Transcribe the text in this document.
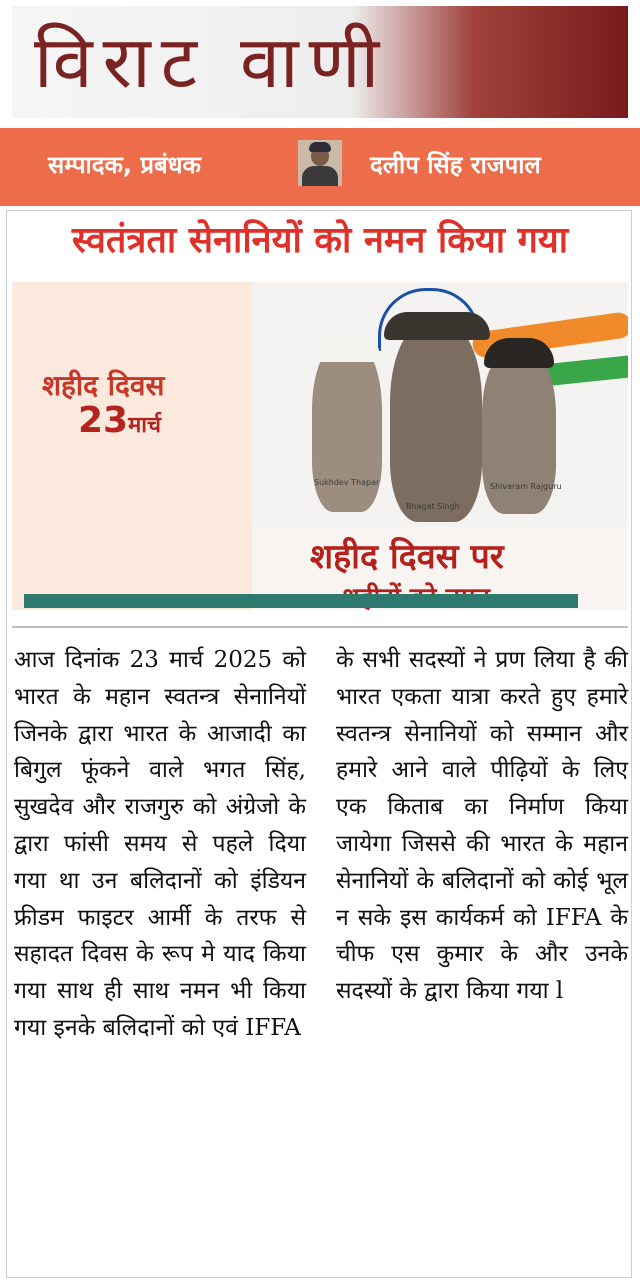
विराट वाणी
सम्पादक, प्रबंधक	दलीप सिंह राजपाल
स्वतंत्रता सेनानियों को नमन किया गया
Sukhdev Thapar
Bhagat Singh
Shivaram Rajguru
शहीद दिवस
23मार्च
शहीद दिवस पर
आज दिनांक 23 मार्च 2025 को भारत के महान स्वतन्त्र सेनानियों जिनके द्वारा भारत के आजादी का बिगुल फूंकने वाले भगत सिंह, सुखदेव और राजगुरु को अंग्रेजो के द्वारा फांसी समय से पहले दिया गया था उन बलिदानों को इंडियन फ्रीडम फाइटर आर्मी के तरफ से सहादत दिवस के रूप मे याद किया गया साथ ही साथ नमन भी किया गया इनके बलिदानों को एवं IFFA
के सभी सदस्यों ने प्रण लिया है की भारत एकता यात्रा करते हुए हमारे स्वतन्त्र सेनानियों को सम्मान और हमारे आने वाले पीढ़ियों के लिए एक किताब का निर्माण किया जायेगा जिससे की भारत के महान सेनानियों के बलिदानों को कोई भूल न सके इस कार्यकर्म को IFFA के चीफ एस कुमार के और उनके सदस्यों के द्वारा किया गया l
